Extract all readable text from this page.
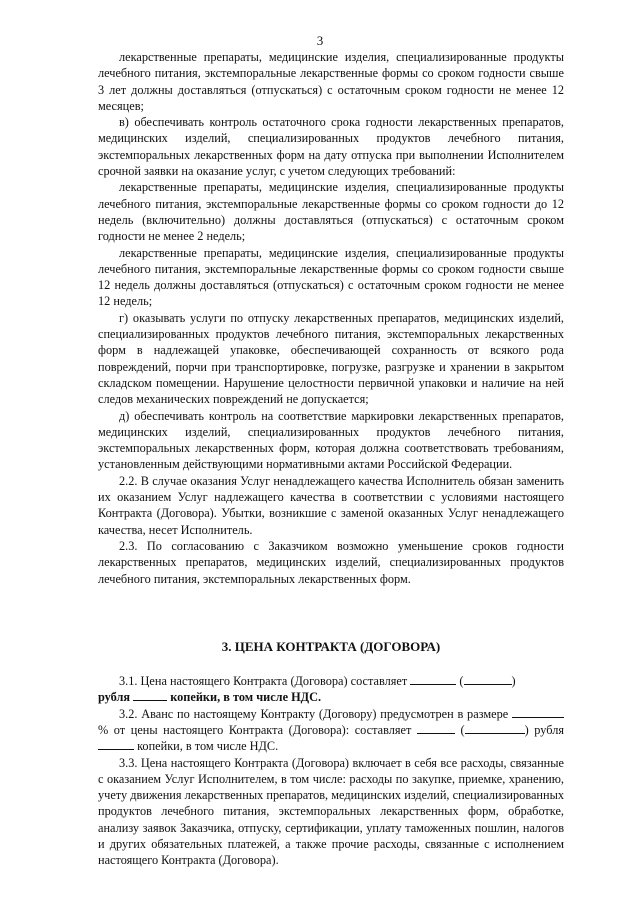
3

лекарственные препараты, медицинские изделия, специализированные продукты лечебного питания, экстемпоральные лекарственные формы со сроком годности свыше 3 лет должны доставляться (отпускаться) с остаточным сроком годности не менее 12 месяцев;

в) обеспечивать контроль остаточного срока годности лекарственных препаратов, медицинских изделий, специализированных продуктов лечебного питания, экстемпоральных лекарственных форм на дату отпуска при выполнении Исполнителем срочной заявки на оказание услуг, с учетом следующих требований:

лекарственные препараты, медицинские изделия, специализированные продукты лечебного питания, экстемпоральные лекарственные формы со сроком годности до 12 недель (включительно) должны доставляться (отпускаться) с остаточным сроком годности не менее 2 недель;

лекарственные препараты, медицинские изделия, специализированные продукты лечебного питания, экстемпоральные лекарственные формы со сроком годности свыше 12 недель должны доставляться (отпускаться) с остаточным сроком годности не менее 12 недель;

г) оказывать услуги по отпуску лекарственных препаратов, медицинских изделий, специализированных продуктов лечебного питания, экстемпоральных лекарственных форм в надлежащей упаковке, обеспечивающей сохранность от всякого рода повреждений, порчи при транспортировке, погрузке, разгрузке и хранении в закрытом складском помещении. Нарушение целостности первичной упаковки и наличие на ней следов механических повреждений не допускается;

д) обеспечивать контроль на соответствие маркировки лекарственных препаратов, медицинских изделий, специализированных продуктов лечебного питания, экстемпоральных лекарственных форм, которая должна соответствовать требованиям, установленным действующими нормативными актами Российской Федерации.

2.2. В случае оказания Услуг ненадлежащего качества Исполнитель обязан заменить их оказанием Услуг надлежащего качества в соответствии с условиями настоящего Контракта (Договора). Убытки, возникшие с заменой оказанных Услуг ненадлежащего качества, несет Исполнитель.

2.3. По согласованию с Заказчиком возможно уменьшение сроков годности лекарственных препаратов, медицинских изделий, специализированных продуктов лечебного питания, экстемпоральных лекарственных форм.

3. ЦЕНА КОНТРАКТА (ДОГОВОРА)

3.1. Цена настоящего Контракта (Договора) составляет	(	)
рубля	копейки, в том числе НДС.

3.2. Аванс по настоящему Контракту (Договору) предусмотрен в размере % от цены настоящего Контракта (Договора): составляет	(	) рубля  копейки, в том числе НДС.

3.3. Цена настоящего Контракта (Договора) включает в себя все расходы, связанные с оказанием Услуг Исполнителем, в том числе: расходы по закупке, приемке, хранению, учету движения лекарственных препаратов, медицинских изделий, специализированных продуктов лечебного питания, экстемпоральных лекарственных форм, обработке, анализу заявок Заказчика, отпуску, сертификации, уплату таможенных пошлин, налогов и других обязательных платежей, а также прочие расходы, связанные с исполнением настоящего Контракта (Договора).
